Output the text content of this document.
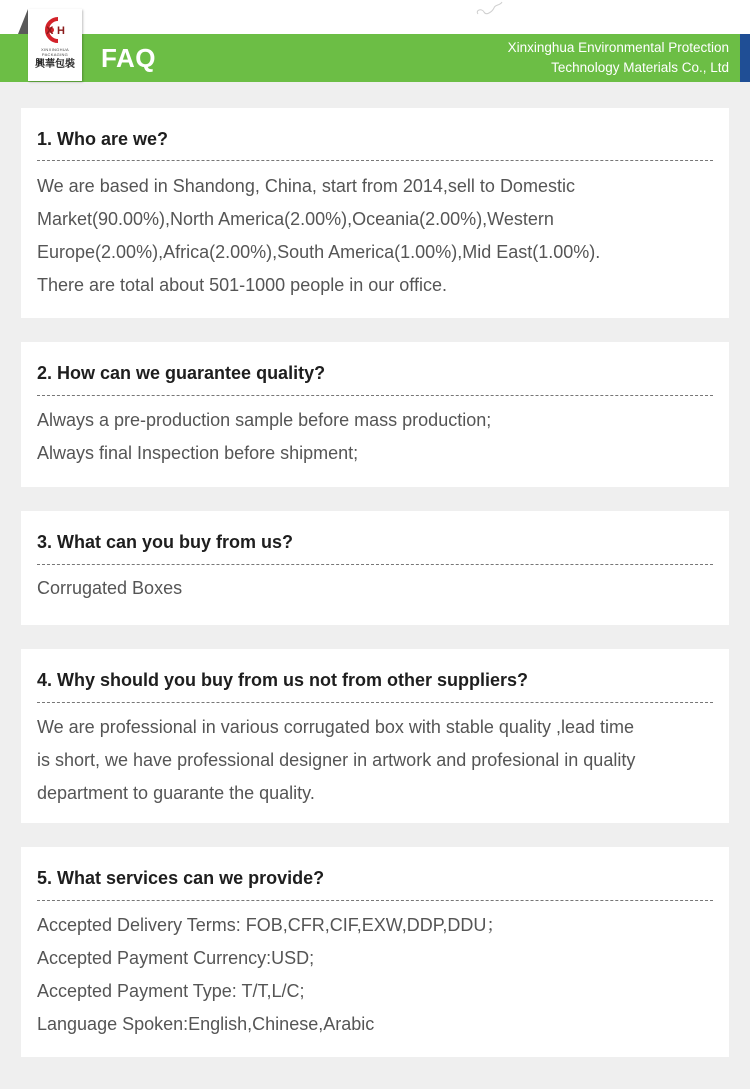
X H
XINXINGHUA PACKAGING
興華包裝 FAQ	Xinxinghua Environmental Protection
Technology Materials Co., Ltd
1. Who are we?
We are based in Shandong, China, start from 2014,sell to Domestic
Market(90.00%),North America(2.00%),Oceania(2.00%),Western
Europe(2.00%),Africa(2.00%),South America(1.00%),Mid East(1.00%).
There are total about 501-1000 people in our office.
2. How can we guarantee quality?
Always a pre-production sample before mass production;
Always final Inspection before shipment;
3. What can you buy from us?
Corrugated Boxes
4. Why should you buy from us not from other suppliers?
We are professional in various corrugated box with stable quality ,lead time
is short, we have professional designer in artwork and profesional in quality
department to guarante the quality.
5. What services can we provide?
Accepted Delivery Terms: FOB,CFR,CIF,EXW,DDP,DDU；
Accepted Payment Currency:USD;
Accepted Payment Type: T/T,L/C;
Language Spoken:English,Chinese,Arabic
